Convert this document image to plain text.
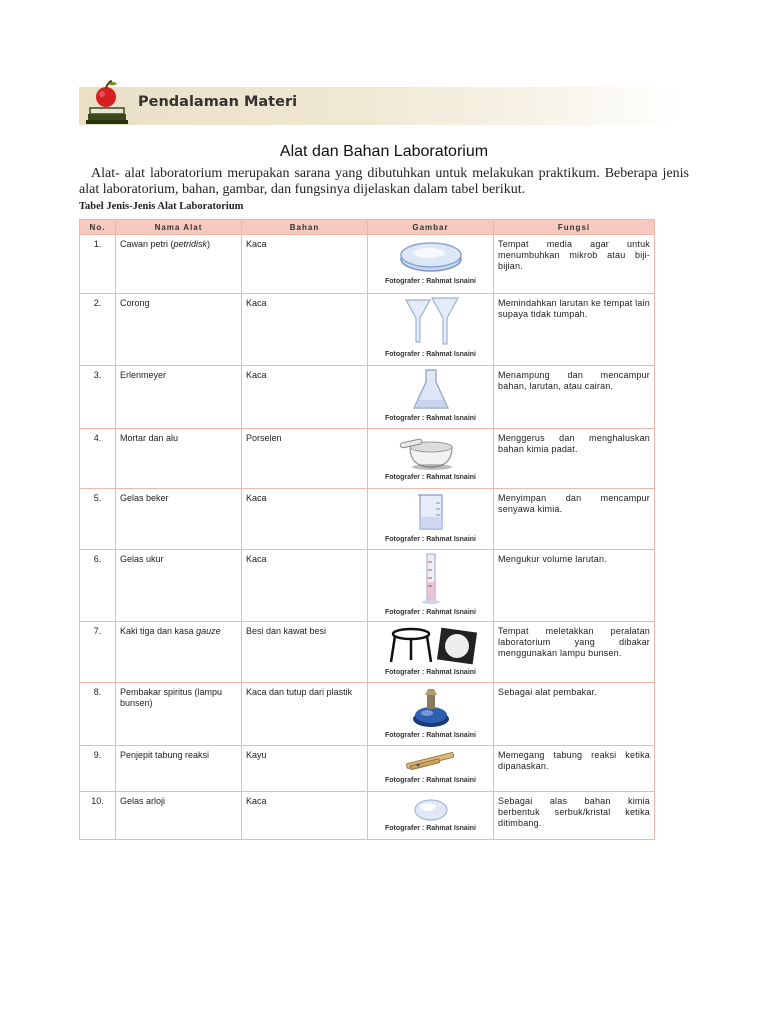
Pendalaman Materi
Alat dan Bahan Laboratorium
Alat- alat laboratorium merupakan sarana yang dibutuhkan untuk melakukan praktikum. Beberapa jenis alat laboratorium, bahan, gambar, dan fungsinya dijelaskan dalam tabel berikut.
Tabel Jenis-Jenis Alat Laboratorium
No.	Nama Alat	Bahan	Gambar	Fungsi
1.	Cawan petri (petridisk)	Kaca	Fotografer : Rahmat Isnaini	Tempat media agar untuk menumbuhkan mikrob atau biji-bijian.
2.	Corong	Kaca	Fotografer : Rahmat Isnaini	Memindahkan larutan ke tempat lain supaya tidak tumpah.
3.	Erlenmeyer	Kaca	Fotografer : Rahmat Isnaini	Menampung dan mencampur bahan, larutan, atau cairan.
4.	Mortar dan alu	Porselen	Fotografer : Rahmat Isnaini	Menggerus dan menghaluskan bahan kimia padat.
5.	Gelas beker	Kaca	Fotografer : Rahmat Isnaini	Menyimpan dan mencampur senyawa kimia.
6.	Gelas ukur	Kaca	Fotografer : Rahmat Isnaini	Mengukur volume larutan.
7.	Kaki tiga dan kasa gauze	Besi dan kawat besi	Fotografer : Rahmat Isnaini	Tempat meletakkan peralatan laboratorium yang dibakar menggunakan lampu bunsen.
8.	Pembakar spiritus (lampu bunsen)	Kaca dan tutup dari plastik	Fotografer : Rahmat Isnaini	Sebagai alat pembakar.
9.	Penjepit tabung reaksi	Kayu	Fotografer : Rahmat Isnaini	Memegang tabung reaksi ketika dipanaskan.
10.	Gelas arloji	Kaca	Fotografer : Rahmat Isnaini	Sebagai alas bahan kimia berbentuk serbuk/kristal ketika ditimbang.
